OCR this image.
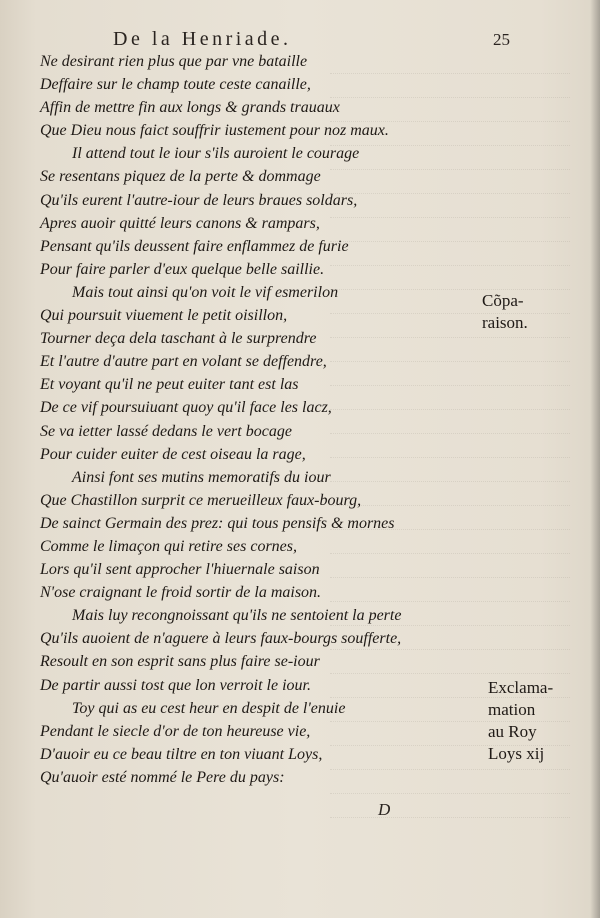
De la Henriade.	25

Ne desirant rien plus que par vne bataille

Deffaire sur le champ toute ceste canaille,

Affin de mettre fin aux longs & grands trauaux

Que Dieu nous faict souffrir iustement pour noz maux.

Il attend tout le iour s'ils auroient le courage

Se resentans piquez de la perte & dommage

Qu'ils eurent l'autre-iour de leurs braues soldars,

Apres auoir quitté leurs canons & rampars,

Pensant qu'ils deussent faire enflammez de furie

Pour faire parler d'eux quelque belle saillie.

Mais tout ainsi qu'on voit le vif esmerilon

Qui poursuit viuement le petit oisillon,

Tourner deça dela taschant à le surprendre

Et l'autre d'autre part en volant se deffendre,

Et voyant qu'il ne peut euiter tant est las

De ce vif poursuiuant quoy qu'il face les lacz,

Se va ietter lassé dedans le vert bocage

Pour cuider euiter de cest oiseau la rage,

Ainsi font ses mutins memoratifs du iour

Que Chastillon surprit ce merueilleux faux-bourg,

De sainct Germain des prez: qui tous pensifs & mornes

Comme le limaçon qui retire ses cornes,

Lors qu'il sent approcher l'hiuernale saison

N'ose craignant le froid sortir de la maison.

Mais luy recongnoissant qu'ils ne sentoient la perte

Qu'ils auoient de n'aguere à leurs faux-bourgs soufferte,

Resoult en son esprit sans plus faire se-iour

De partir aussi tost que lon verroit le iour.

Toy qui as eu cest heur en despit de l'enuie

Pendant le siecle d'or de ton heureuse vie,

D'auoir eu ce beau tiltre en ton viuant Loys,

Qu'auoir esté nommé le Pere du pays:

Cõpa-
raison.
Exclama-
mation
au Roy
Loys xij
D
